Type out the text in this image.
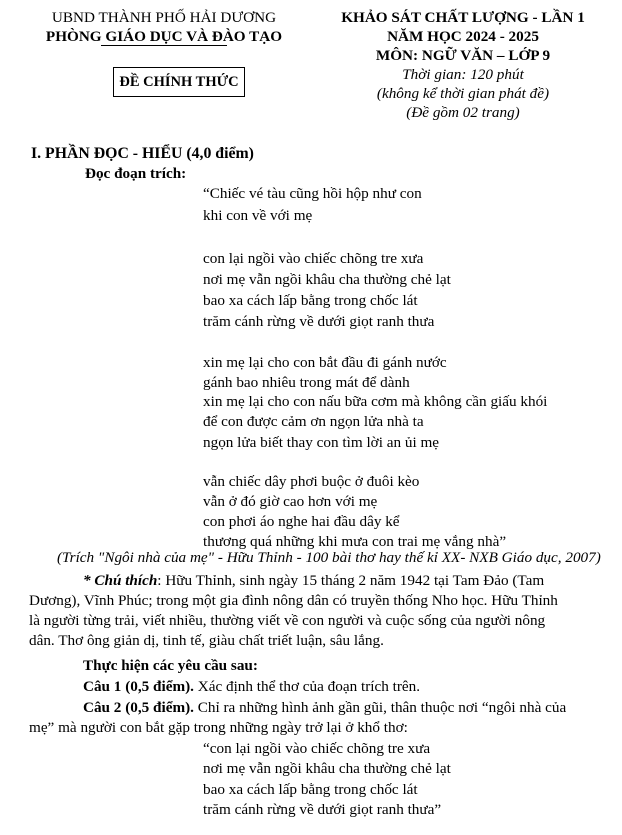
UBND THÀNH PHỐ HẢI DƯƠNG
PHÒNG GIÁO DỤC VÀ ĐÀO TẠO
ĐỀ CHÍNH THỨC
KHẢO SÁT CHẤT LƯỢNG - LẦN 1
NĂM HỌC 2024 - 2025
MÔN: NGỮ VĂN – LỚP 9
Thời gian: 120 phút
(không kể thời gian phát đề)
(Đề gồm 02 trang)
I. PHẦN ĐỌC - HIỂU (4,0 điểm)
Đọc đoạn trích:
“Chiếc vé tàu cũng hồi hộp như con
khi con về với mẹ
con lại ngồi vào chiếc chõng tre xưa
nơi mẹ vẫn ngồi khâu cha thường chẻ lạt
bao xa cách lấp bằng trong chốc lát
trăm cánh rừng về dưới giọt ranh thưa
xin mẹ lại cho con bắt đầu đi gánh nước
gánh bao nhiêu trong mát để dành
xin mẹ lại cho con nấu bữa cơm mà không cần giấu khói
để con được cảm ơn ngọn lửa nhà ta
ngọn lửa biết thay con tìm lời an ủi mẹ
vẫn chiếc dây phơi buộc ở đuôi kèo
vẫn ở đó giờ cao hơn với mẹ
con phơi áo nghe hai đầu dây kể
thương quá những khi mưa con trai mẹ vắng nhà”
(Trích "Ngôi nhà của mẹ" - Hữu Thỉnh - 100 bài thơ hay thế kỉ XX- NXB Giáo dục, 2007)
* Chú thích: Hữu Thỉnh, sinh ngày 15 tháng 2 năm 1942 tại Tam Đảo (Tam
Dương), Vĩnh Phúc; trong một gia đình nông dân có truyền thống Nho học. Hữu Thỉnh
là người từng trải, viết nhiều, thường viết về con người và cuộc sống của người nông
dân. Thơ ông giản dị, tinh tế, giàu chất triết luận, sâu lắng.
Thực hiện các yêu cầu sau:
Câu 1 (0,5 điểm). Xác định thể thơ của đoạn trích trên.
Câu 2 (0,5 điểm). Chỉ ra những hình ảnh gần gũi, thân thuộc nơi “ngôi nhà của
mẹ” mà người con bắt gặp trong những ngày trở lại ở khổ thơ:
“con lại ngồi vào chiếc chõng tre xưa
nơi mẹ vẫn ngồi khâu cha thường chẻ lạt
bao xa cách lấp bằng trong chốc lát
trăm cánh rừng về dưới giọt ranh thưa”
